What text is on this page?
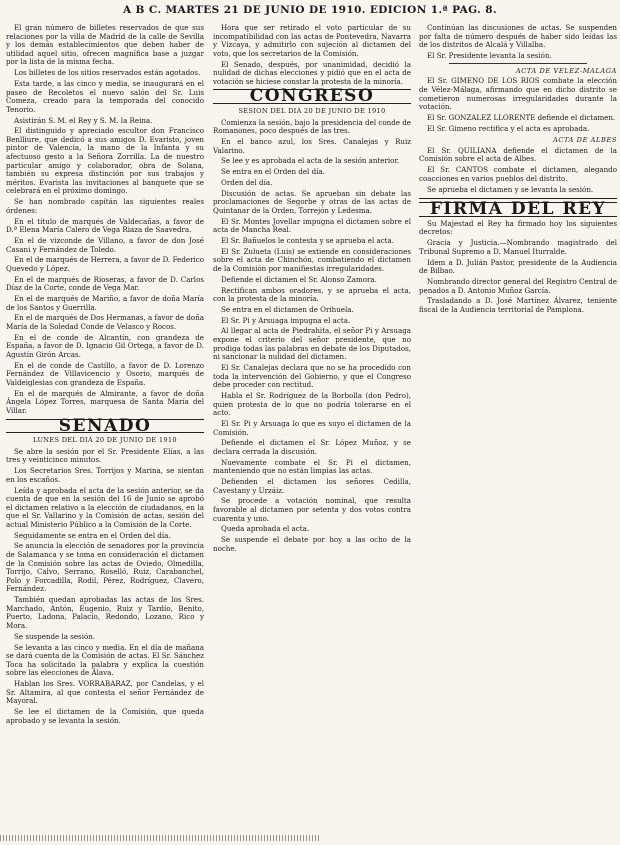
A B C. MARTES 21 DE JUNIO DE 1910. EDICION 1.ª PAG. 8.

El gran número de billetes reservados de que sus relaciones por la villa de Madrid de la calle de Sevilla y los demás establecimientos que deben haber de utilidad aquel sitio, ofrecen magnífica base a juzgar por la lista de la misma fecha.

Los billetes de los sitios reservados están agotados.

Esta tarde, a las cinco y media, se inaugurará en el paseo de Recoletos el nuevo salón del Sr. Luis Comeza, creado para la temporada del conocido Tenorio.

Asistirán S. M. el Rey y S. M. la Reina.

El distinguido y apreciado escultor don Francisco Benlliure, que dedicó a sus amigos D. Evaristo, joven pintor de Valencia, la mano de la Infanta y su afectuoso gesto a la Señora Zorrilla. La de nuestro particular amigo y colaborador, obra de Solana, también su expresa distinción por sus trabajos y méritos. Evarista las invitaciones al banquete que se celebrará en el próximo domingo.

Se han nombrado capitán las siguientes reales órdenes:

En el título de marqués de Valdecañas, a favor de D.ª Elena María Calero de Vega Riaza de Saavedra.

En el de vizconde de Villano, a favor de don José Casani y Fernández de Toledo.

En el de marqués de Herrera, a favor de D. Federico Quevedo y López.

En el de marqués de Rioseras, a favor de D. Carlos Díaz de la Corte, conde de Vega Mar.

En el de marqués de Mariño, a favor de doña María de los Santos y Guerrilla.

En el de marqués de Dos Hermanas, a favor de doña María de la Soledad Conde de Velasco y Rocos.

En el de conde de Alcantín, con grandeza de España, a favor de D. Ignacio Gil Ortega, a favor de D. Agustín Girón Arcas.

En el de conde de Castillo, a favor de D. Lorenzo Fernández de Villavicencio y Osorio, marqués de Valdeiglesias con grandeza de España.

En el de marqués de Almirante, a favor de doña Ángela López Torres, marquesa de Santa María del Villar.

SENADO
LUNES DEL DIA 20 DE JUNIO DE 1910

Se abre la sesión por el Sr. Presidente Elías, a las tres y veinticinco minutos.

Los Secretarios Sres. Torrijos y Marina, se sientan en los escaños.

Leída y aprobada el acta de la sesión anterior, se da cuenta de que en la sesión del 16 de Junio se aprobó el dictamen relativo a la elección de ciudadanos, en la que el Sr. Vallarino y la Comisión de actas, sesión del actual Ministerio Público a la Comisión de la Corte.

Seguidamente se entra en el Orden del día.

Se anuncia la elección de senadores por la provincia de Salamanca y se toma en consideración el dictamen de la Comisión sobre las actas de Oviedo, Olmedilla, Torrijo, Calvo, Serrano, Roselló, Ruiz, Carabanchel, Polo y Forcadilla, Rodil, Pérez, Rodríguez, Clavero, Fernández.

También quedan aprobadas las actas de los Sres. Marchado, Antón, Eugenio, Ruiz y Tardío, Benito, Puerto, Ladona, Palacio, Redondo, Lozano, Rico y Mora.

Se suspende la sesión.

Se levanta a las cinco y media. En el día de mañana se dará cuenta de la Comisión de actas. El Sr. Sánchez Toca ha solicitado la palabra y explica la cuestión sobre las elecciones de Álava.

Hablan los Sres. VORRABARAZ, por Candelas, y el Sr. Altamira, al que contesta el señor Fernández de Mayoral.

Se lee el dictamen de la Comisión, que queda aprobado y se levanta la sesión.

Hora que ser retirado el voto particular de su incompatibilidad con las actas de Pontevedra, Navarra y Vizcaya, y admitirlo con sujeción al dictamen del voto, que los secretarios de la Comisión.

El Senado, después, por unanimidad, decidió la nulidad de dichas elecciones y pidió que en el acta de votación se hiciese constar la protesta de la minoría.

CONGRESO
SESION DEL DIA 20 DE JUNIO DE 1910

Comienza la sesión, bajo la presidencia del conde de Romanones, poco después de las tres.

En el banco azul, los Sres. Canalejas y Ruiz Valarino.

Se lee y es aprobada el acta de la sesión anterior.

Se entra en el Orden del día.

Orden del día.

Discusión de actas. Se aprueban sin debate las proclamaciones de Segorbe y otras de las actas de Quintanar de la Orden, Torrejón y Ledesma.

El Sr. Montes Jovellar impugna el dictamen sobre el acta de Mancha Real.

El Sr. Bañuelos le contesta y se aprueba el acta.

El Sr. Zulueta (Luis) se extiende en consideraciones sobre el acta de Chinchón, combatiendo el dictamen de la Comisión por manifiestas irregularidades.

Defiende el dictamen el Sr. Alonso Zamora.

Rectifican ambos oradores, y se aprueba el acta, con la protesta de la minoría.

Se entra en el dictamen de Orihuela.

El Sr. Pi y Arsuaga impugna el acta.

Al llegar al acta de Piedrahita, el señor Pi y Arsuaga expone el criterio del señor presidente, que no prodiga todas las palabras en debate de los Diputados, ni sancionar la nulidad del dictamen.

El Sr. Canalejas declara que no se ha procedido con toda la intervención del Gobierno, y que el Congreso debe proceder con rectitud.

Habla el Sr. Rodríguez de la Borbolla (don Pedro), quien protesta de lo que no podría tolerarse en el acto.

El Sr. Pi y Arsuaga lo que es suyo el dictamen de la Comisión.

Defiende el dictamen el Sr. López Muñoz, y se declara cerrada la discusión.

Nuevamente combate el Sr. Pi el dictamen, manteniendo que no están limpias las actas.

Defienden el dictamen los señores Cedilla, Cavestany y Urzáiz.

Se procede a votación nominal, que resulta favorable al dictamen por setenta y dos votos contra cuarenta y uno.

Queda aprobada el acta.

Se suspende el debate por hoy a las ocho de la noche.

Continúan las discusiones de actas. Se suspenden por falta de número después de haber sido leídas las de los distritos de Alcalá y Villalba.

El Sr. Presidente levanta la sesión.

ACTA DE VELEZ-MALAGA

El Sr. GIMENO DE LOS RIOS combate la elección de Vélez-Málaga, afirmando que en dicho distrito se cometieron numerosas irregularidades durante la votación.

El Sr. GONZALEZ LLORENTE defiende el dictamen.

El Sr. Gimeno rectifica y el acta es aprobada.

ACTA DE ALBES

El Sr. QUILIANA defiende el dictamen de la Comisión sobre el acta de Albes.

El Sr. CANTOS combate el dictamen, alegando coacciones en varios pueblos del distrito.

Se aprueba el dictamen y se levanta la sesión.

FIRMA DEL REY

Su Majestad el Rey ha firmado hoy los siguientes decretos:

Gracia y Justicia.—Nombrando magistrado del Tribunal Supremo a D. Manuel Iturralde.

Idem a D. Julián Pastor, presidente de la Audiencia de Bilbao.

Nombrando director general del Registro Central de penados a D. Antonio Muñoz García.

Trasladando a D. José Martínez Álvarez, teniente fiscal de la Audiencia territorial de Pamplona.
